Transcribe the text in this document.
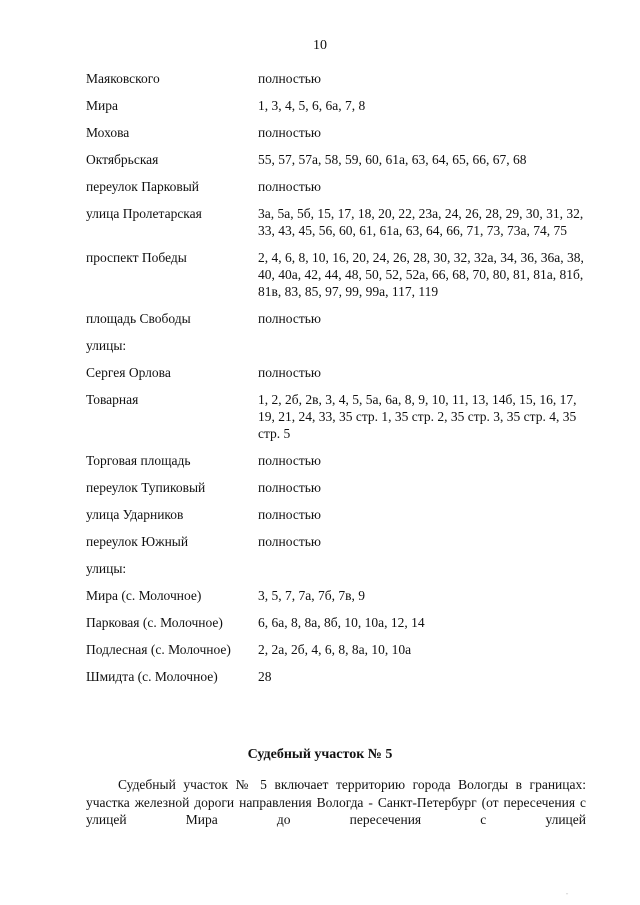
10
Маяковского	полностью
Мира	1, 3, 4, 5, 6, 6а, 7, 8
Мохова	полностью
Октябрьская	55, 57, 57а, 58, 59, 60, 61а, 63, 64, 65, 66, 67, 68
переулок Парковый	полностью
улица Пролетарская	3а, 5а, 5б, 15, 17, 18, 20, 22, 23а, 24, 26, 28, 29, 30, 31, 32, 33, 43, 45, 56, 60, 61, 61а, 63, 64, 66, 71, 73, 73а, 74, 75
проспект Победы	2, 4, 6, 8, 10, 16, 20, 24, 26, 28, 30, 32, 32а, 34, 36, 36а, 38, 40, 40а, 42, 44, 48, 50, 52, 52а, 66, 68, 70, 80, 81, 81а, 81б, 81в, 83, 85, 97, 99, 99а, 117, 119
площадь Свободы	полностью
улицы:
Сергея Орлова	полностью
Товарная	1, 2, 2б, 2в, 3, 4, 5, 5а, 6а, 8, 9, 10, 11, 13, 14б, 15, 16, 17, 19, 21, 24, 33, 35 стр. 1, 35 стр. 2, 35 стр. 3, 35 стр. 4, 35 стр. 5
Торговая площадь	полностью
переулок Тупиковый	полностью
улица Ударников	полностью
переулок Южный	полностью
улицы:
Мира (с. Молочное)	3, 5, 7, 7а, 7б, 7в, 9
Парковая (с. Молочное)	6, 6а, 8, 8а, 8б, 10, 10а, 12, 14
Подлесная (с. Молочное)	2, 2а, 2б, 4, 6, 8, 8а, 10, 10а
Шмидта (с. Молочное)	28
Судебный участок № 5
Судебный участок № 5 включает территорию города Вологды в границах: участка железной дороги направления Вологда - Санкт-Петербург (от пересечения с улицей Мира до пересечения с улицей
"
